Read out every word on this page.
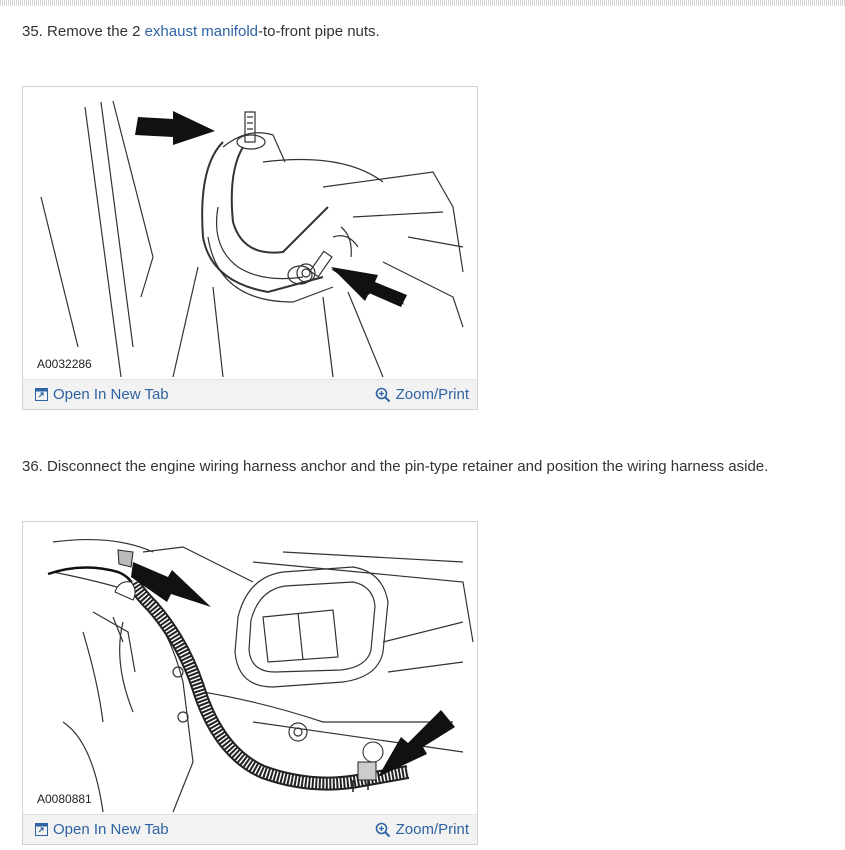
35. Remove the 2 exhaust manifold-to-front pipe nuts.
A0032286
Open In New Tab	Zoom/Print
36. Disconnect the engine wiring harness anchor and the pin-type retainer and position the wiring harness aside.
A0080881
Open In New Tab	Zoom/Print
